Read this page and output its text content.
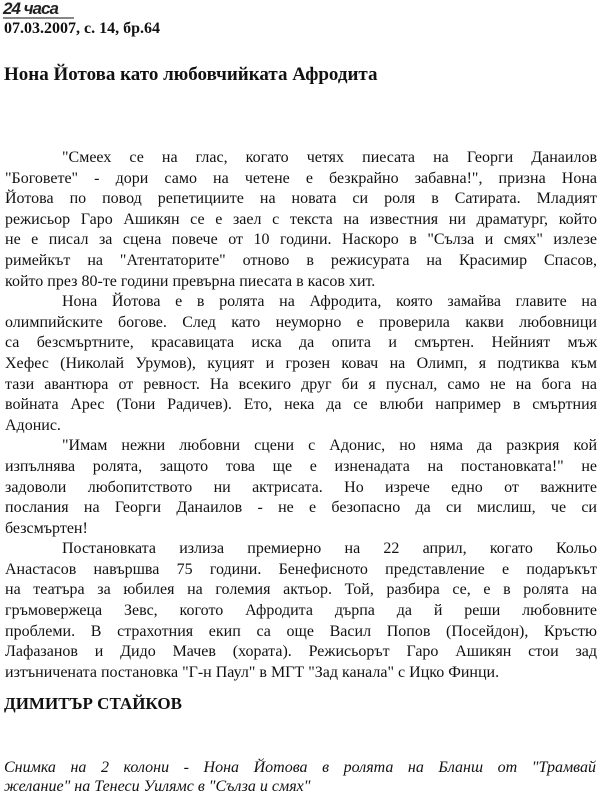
24 часа
07.03.2007, с. 14, бр.64
Нона Йотова като любовчийката Афродита
"Смеех се на глас, когато четях пиесата на Георги Данаилов
"Боговете" - дори само на четене е безкрайно забавна!", призна Нона
Йотова по повод репетициите на новата си роля в Сатирата. Младият
режисьор Гаро Ашикян се е заел с текста на известния ни драматург, който
не е писал за сцена повече от 10 години. Наскоро в "Сълза и смях" излезе
римейкът на "Атентаторите" отново в режисурата на Красимир Спасов,
който през 80-те години превърна пиесата в касов хит.
Нона Йотова е в ролята на Афродита, която замайва главите на
олимпийските богове. След като неуморно е проверила какви любовници
са безсмъртните, красавицата иска да опита и смъртен. Нейният мъж
Хефес (Николай Урумов), куцият и грозен ковач на Олимп, я подтиква към
тази авантюра от ревност. На всекиго друг би я пуснал, само не на бога на
войната Арес (Тони Радичев). Ето, нека да се влюби например в смъртния
Адонис.
"Имам нежни любовни сцени с Адонис, но няма да разкрия кой
изпълнява ролята, защото това ще е изненадата на постановката!" не
задоволи любопитството ни актрисата. Но изрече едно от важните
послания на Георги Данаилов - не е безопасно да си мислиш, че си
безсмъртен!
Постановката излиза премиерно на 22 април, когато Кольо
Анастасов навършва 75 години. Бенефисното представление е подаръкът
на театъра за юбилея на големия актьор. Той, разбира се, е в ролята на
гръмовержеца Зевс, когото Афродита дърпа да й реши любовните
проблеми. В страхотния екип са още Васил Попов (Посейдон), Кръстю
Лафазанов и Дидо Мачев (хората). Режисьорът Гаро Ашикян стои зад
изтъничената постановка "Г-н Паул" в МГТ "Зад канала" с Ицко Финци.
ДИМИТЪР СТАЙКОВ
Снимка на 2 колони - Нона Йотова в ролята на Бланш от "Трамвай
желание" на Тенеси Уилямс в "Сълза и смях"
